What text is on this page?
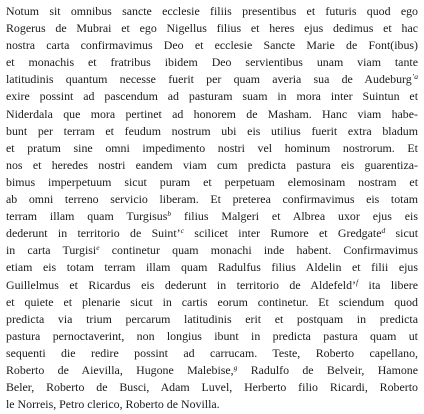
Notum sit omnibus sancte ecclesie filiis presentibus et futuris quod ego
Rogerus de Mubrai et ego Nigellus filius et heres ejus dedimus et hac
nostra carta confirmavimus Deo et ecclesie Sancte Marie de Font(ibus)
et monachis et fratribus ibidem Deo servientibus unam viam tante
latitudinis quantum necesse fuerit per quam averia sua de Audeburg$^{’a}$
exire possint ad pascendum ad pasturam suam in mora inter Suintun et
Niderdala que mora pertinet ad honorem de Masham. Hanc viam habe-
bunt per terram et feudum nostrum ubi eis utilius fuerit extra bladum
et pratum sine omni impedimento nostri vel hominum nostrorum. Et
nos et heredes nostri eandem viam cum predicta pastura eis guarentiza-
bimus imperpetuum sicut puram et perpetuam elemosinam nostram et
ab omni terreno servicio liberam. Et preterea confirmavimus eis totam
terram illam quam Turgisus$^b$ filius Malgeri et Albrea uxor ejus eis
dederunt in territorio de Suint’$^c$ scilicet inter Rumore et Gredgate$^d$ sicut
in carta Turgisi$^e$ continetur quam monachi inde habent. Confirmavimus
etiam eis totam terram illam quam Radulfus filius Aldelin et filii ejus
Guillelmus et Ricardus eis dederunt in territorio de Aldefeld’$^f$ ita libere
et quiete et plenarie sicut in cartis eorum continetur. Et sciendum quod
predicta via trium percarum latitudinis erit et postquam in predicta
pastura pernoctaverint, non longius ibunt in predicta pastura quam ut
sequenti die redire possint ad carrucam. Teste, Roberto capellano,
Roberto de Aievilla, Hugone Malebise,$^g$ Radulfo de Belveir, Hamone
Beler, Roberto de Busci, Adam Luvel, Herberto filio Ricardi, Roberto
le Norreis, Petro clerico, Roberto de Novilla.
